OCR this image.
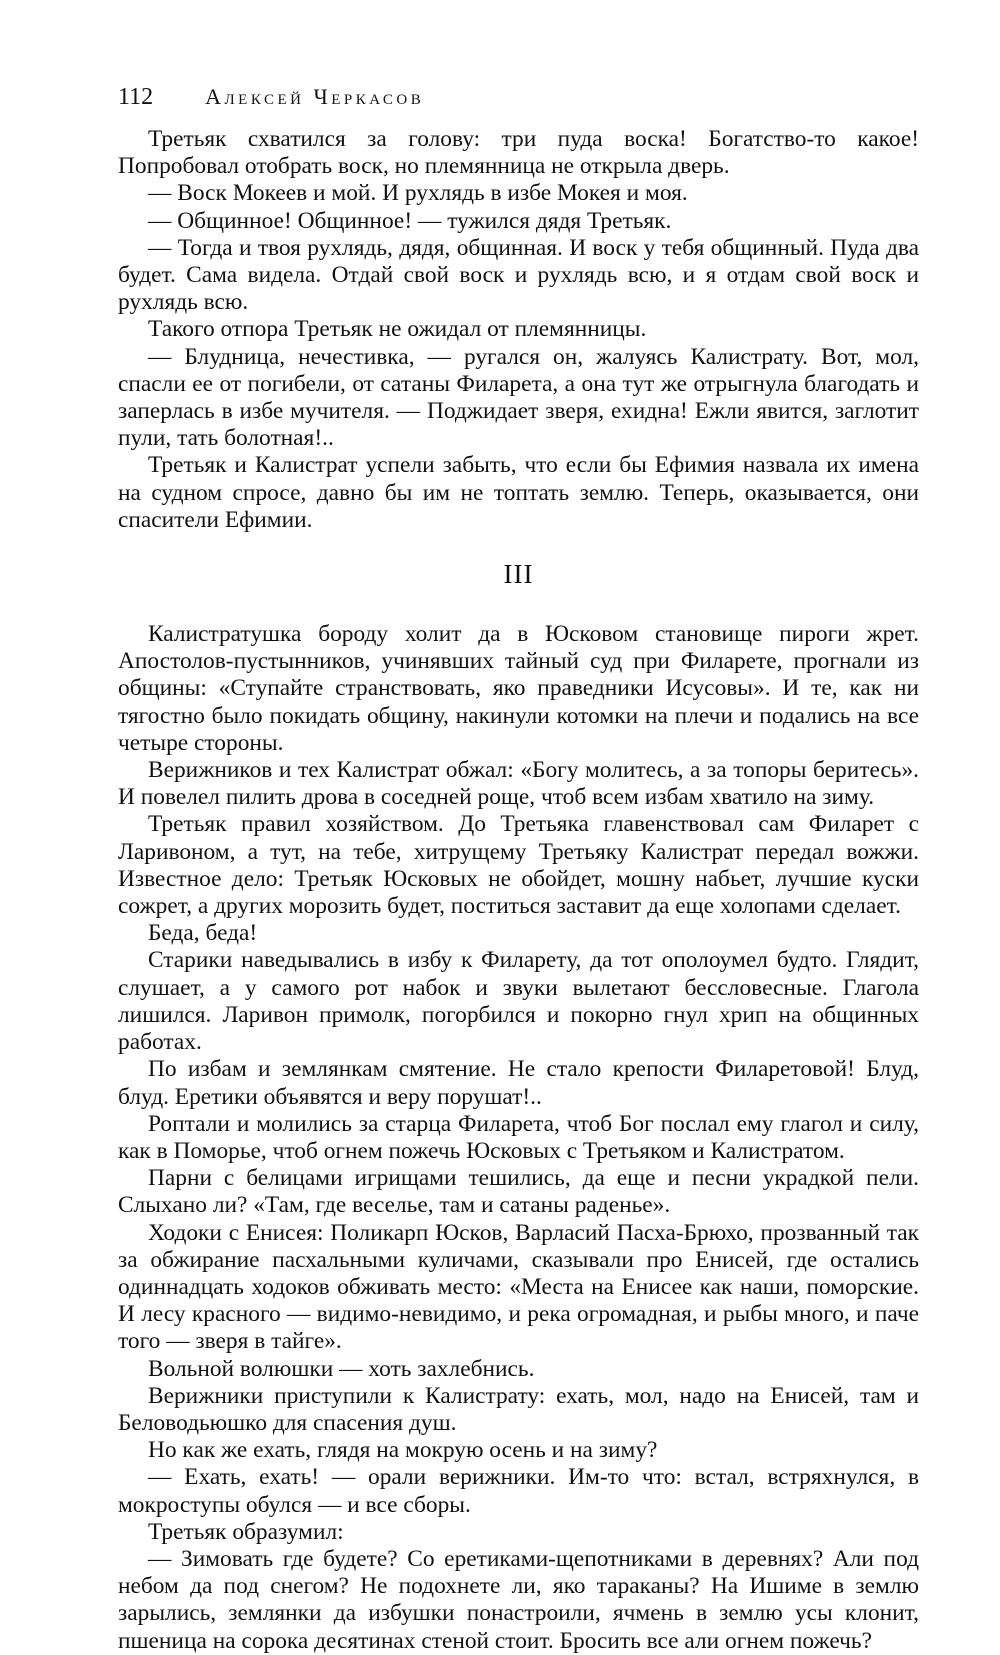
112 Алексей Черкасов

Третьяк схватился за голову: три пуда воска! Богатство-то какое! Попробовал отобрать воск, но племянница не открыла дверь.

— Воск Мокеев и мой. И рухлядь в избе Мокея и моя.

— Общинное! Общинное! — тужился дядя Третьяк.

— Тогда и твоя рухлядь, дядя, общинная. И воск у тебя общинный. Пуда два будет. Сама видела. Отдай свой воск и рухлядь всю, и я отдам свой воск и рухлядь всю.

Такого отпора Третьяк не ожидал от племянницы.

— Блудница, нечестивка, — ругался он, жалуясь Калистрату. Вот, мол, спасли ее от погибели, от сатаны Филарета, а она тут же отрыгнула благодать и заперлась в избе мучителя. — Поджидает зверя, ехидна! Ежли явится, заглотит пули, тать болотная!..

Третьяк и Калистрат успели забыть, что если бы Ефимия назвала их имена на судном спросе, давно бы им не топтать землю. Теперь, оказывается, они спасители Ефимии.

III

Калистратушка бороду холит да в Юсковом становище пироги жрет. Апостолов-пустынников, учинявших тайный суд при Филарете, прогнали из общины: «Ступайте странствовать, яко праведники Исусовы». И те, как ни тягостно было покидать общину, накинули котомки на плечи и подались на все четыре стороны.

Верижников и тех Калистрат обжал: «Богу молитесь, а за топоры беритесь». И повелел пилить дрова в соседней роще, чтоб всем избам хватило на зиму.

Третьяк правил хозяйством. До Третьяка главенствовал сам Филарет с Ларивоном, а тут, на тебе, хитрущему Третьяку Калистрат передал вожжи. Известное дело: Третьяк Юсковых не обойдет, мошну набьет, лучшие куски сожрет, а других морозить будет, поститься заставит да еще холопами сделает.

Беда, беда!

Старики наведывались в избу к Филарету, да тот ополоумел будто. Глядит, слушает, а у самого рот набок и звуки вылетают бессловесные. Глагола лишился. Ларивон примолк, погорбился и покорно гнул хрип на общинных работах.

По избам и землянкам смятение. Не стало крепости Филаретовой! Блуд, блуд. Еретики объявятся и веру порушат!..

Роптали и молились за старца Филарета, чтоб Бог послал ему глагол и силу, как в Поморье, чтоб огнем пожечь Юсковых с Третьяком и Калистратом.

Парни с белицами игрищами тешились, да еще и песни украдкой пели. Слыхано ли? «Там, где веселье, там и сатаны раденье».

Ходоки с Енисея: Поликарп Юсков, Варласий Пасха-Брюхо, прозванный так за обжирание пасхальными куличами, сказывали про Енисей, где остались одиннадцать ходоков обживать место: «Места на Енисее как наши, поморские. И лесу красного — видимо-невидимо, и река огромадная, и рыбы много, и паче того — зверя в тайге».

Вольной волюшки — хоть захлебнись.

Верижники приступили к Калистрату: ехать, мол, надо на Енисей, там и Беловодьюшко для спасения душ.

Но как же ехать, глядя на мокрую осень и на зиму?

— Ехать, ехать! — орали верижники. Им-то что: встал, встряхнулся, в мокроступы обулся — и все сборы.

Третьяк образумил:

— Зимовать где будете? Со еретиками-щепотниками в деревнях? Али под небом да под снегом? Не подохнете ли, яко тараканы? На Ишиме в землю зарылись, землянки да избушки понастроили, ячмень в землю усы клонит, пшеница на сорока десятинах стеной стоит. Бросить все али огнем пожечь?
